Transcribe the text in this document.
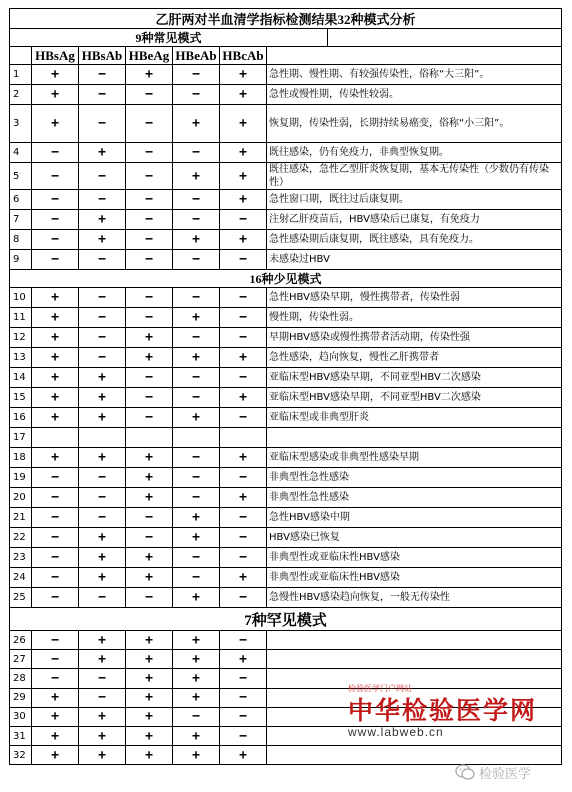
乙肝两对半血清学指标检测结果32种模式分析							
9种常见模式							
	HBsAg	HBsAb	HBeAg	HBeAb	HBcAb		
1	+	−	+	−	+	急性期、慢性期、有较强传染性，俗称“大三阳”。	
2	+	−	−	−	+	急性或慢性期，传染性较弱。	
3	+	−	−	+	+	恢复期，传染性弱，长期持续易癌变，俗称“小三阳”。	
4	−	+	−	−	+	既往感染，仍有免疫力，非典型恢复期。	
5	−	−	−	+	+	既往感染，急性乙型肝炎恢复期，基本无传染性（少数仍有传染性）	
6	−	−	−	−	+	急性窗口期，既往过后康复期。	
7	−	+	−	−	−	注射乙肝疫苗后，HBV感染后已康复，有免疫力	
8	−	+	−	+	+	急性感染期后康复期，既往感染，具有免疫力。	
9	−	−	−	−	−	未感染过HBV	
16种少见模式							
10	+	−	−	−	−	急性HBV感染早期，慢性携带者，传染性弱	
11	+	−	−	+	−	慢性期，传染性弱。	
12	+	−	+	−	−	早期HBV感染或慢性携带者活动期，传染性强	
13	+	−	+	+	+	急性感染，趋向恢复，慢性乙肝携带者	
14	+	+	−	−	−	亚临床型HBV感染早期，不同亚型HBV二次感染	
15	+	+	−	−	+	亚临床型HBV感染早期，不同亚型HBV二次感染	
16	+	+	−	+	−	亚临床型或非典型肝炎	
17							
18	+	+	+	−	+	亚临床型感染或非典型性感染早期	
19	−	−	+	−	−	非典型性急性感染	
20	−	−	+	−	+	非典型性急性感染	
21	−	−	−	+	−	急性HBV感染中期	
22	−	+	−	+	−	HBV感染已恢复	
23	−	+	+	−	−	非典型性或亚临床性HBV感染	
24	−	+	+	−	+	非典型性或亚临床性HBV感染	
25	−	−	−	+	−	急慢性HBV感染趋向恢复，一般无传染性	
7种罕见模式							
26	−	+	+	+	−		
27	−	+	+	+	+		
28	−	−	+	+	−		
29	+	−	+	+	−		
30	+	+	+	−	−		
31	+	+	+	+	−		
32	+	+	+	+	+		
检验医学门户网站
中华检验医学网
www.labweb.cn
检验医学
